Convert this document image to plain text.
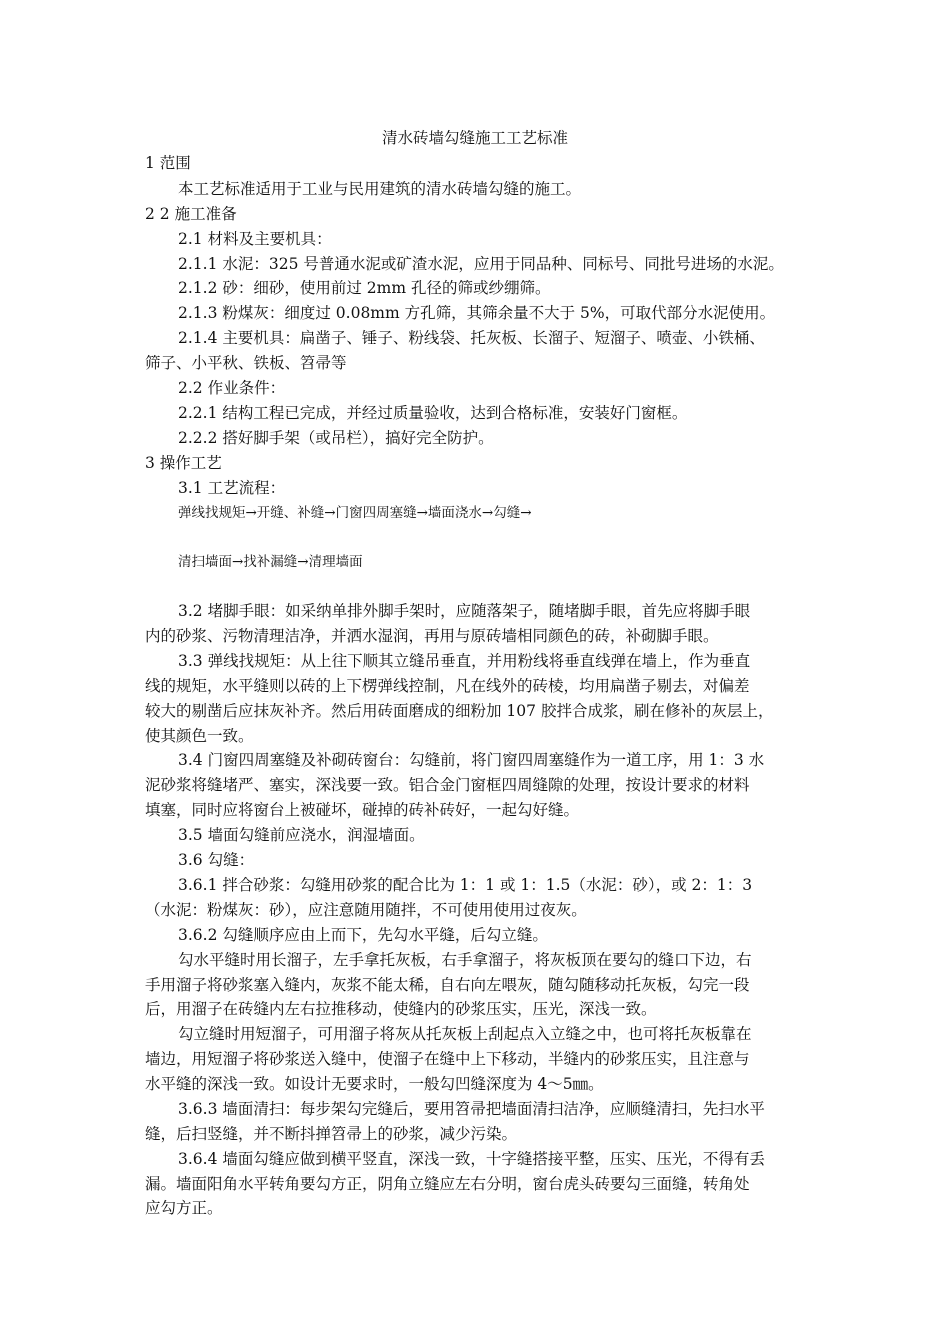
清水砖墙勾缝施工工艺标准
1 范围
本工艺标准适用于工业与民用建筑的清水砖墙勾缝的施工。
2 2 施工准备
2.1 材料及主要机具：
2.1.1 水泥：325 号普通水泥或矿渣水泥，应用于同品种、同标号、同批号进场的水泥。
2.1.2 砂：细砂，使用前过 2mm 孔径的筛或纱绷筛。
2.1.3 粉煤灰：细度过 0.08mm 方孔筛，其筛余量不大于 5%，可取代部分水泥使用。
2.1.4 主要机具：扁凿子、锤子、粉线袋、托灰板、长溜子、短溜子、喷壶、小铁桶、
筛子、小平秋、铁板、笤帚等
2.2 作业条件：
2.2.1 结构工程已完成，并经过质量验收，达到合格标准，安装好门窗框。
2.2.2 搭好脚手架（或吊栏），搞好完全防护。
3 操作工艺
3.1 工艺流程：
弹线找规矩→开缝、补缝→门窗四周塞缝→墙面浇水→勾缝→
清扫墙面→找补漏缝→清理墙面
3.2 堵脚手眼：如采纳单排外脚手架时，应随落架子，随堵脚手眼，首先应将脚手眼
内的砂浆、污物清理洁净，并洒水湿润，再用与原砖墙相同颜色的砖，补砌脚手眼。
3.3 弹线找规矩：从上往下顺其立缝吊垂直，并用粉线将垂直线弹在墙上，作为垂直
线的规矩，水平缝则以砖的上下楞弹线控制，凡在线外的砖棱，均用扁凿子剔去，对偏差
较大的剔凿后应抹灰补齐。然后用砖面磨成的细粉加 107 胶拌合成浆，刷在修补的灰层上，
使其颜色一致。
3.4 门窗四周塞缝及补砌砖窗台：勾缝前，将门窗四周塞缝作为一道工序，用 1：3 水
泥砂浆将缝堵严、塞实，深浅要一致。铝合金门窗框四周缝隙的处理，按设计要求的材料
填塞，同时应将窗台上被碰坏，碰掉的砖补砖好，一起勾好缝。
3.5 墙面勾缝前应浇水，润湿墙面。
3.6 勾缝：
3.6.1 拌合砂浆：勾缝用砂浆的配合比为 1：1 或 1：1.5（水泥：砂），或 2：1：3
（水泥：粉煤灰：砂），应注意随用随拌，不可使用使用过夜灰。
3.6.2 勾缝顺序应由上而下，先勾水平缝，后勾立缝。
勾水平缝时用长溜子，左手拿托灰板，右手拿溜子，将灰板顶在要勾的缝口下边，右
手用溜子将砂浆塞入缝内，灰浆不能太稀，自右向左喂灰，随勾随移动托灰板，勾完一段
后，用溜子在砖缝内左右拉推移动，使缝内的砂浆压实，压光，深浅一致。
勾立缝时用短溜子，可用溜子将灰从托灰板上刮起点入立缝之中，也可将托灰板靠在
墙边，用短溜子将砂浆送入缝中，使溜子在缝中上下移动，半缝内的砂浆压实，且注意与
水平缝的深浅一致。如设计无要求时，一般勾凹缝深度为 4～5㎜。
3.6.3 墙面清扫：每步架勾完缝后，要用笤帚把墙面清扫洁净，应顺缝清扫，先扫水平
缝，后扫竖缝，并不断抖掸笤帚上的砂浆，减少污染。
3.6.4 墙面勾缝应做到横平竖直，深浅一致，十字缝搭接平整，压实、压光，不得有丢
漏。墙面阳角水平转角要勾方正，阴角立缝应左右分明，窗台虎头砖要勾三面缝，转角处
应勾方正。
